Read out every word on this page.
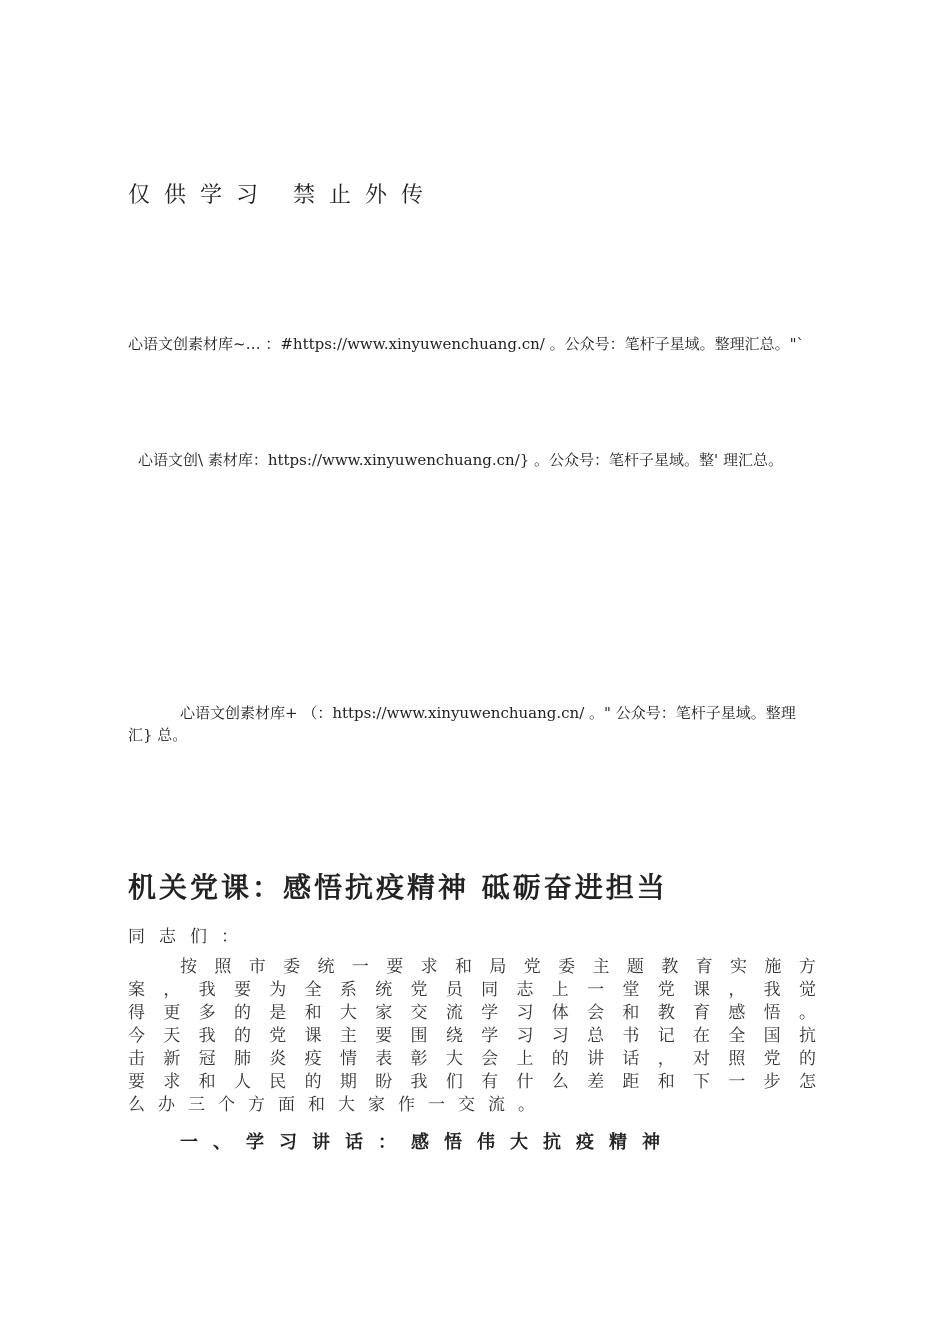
仅供学习 禁止外传
心语文创素材库~… ：#https://www.xinyuwenchuang.cn/ 。公众号：笔杆子星域。整理汇总。"`
心语文创\ 素材库：https://www.xinyuwenchuang.cn/} 。公众号：笔杆子星域。整' 理汇总。
心语文创素材库+ （：https://www.xinyuwenchuang.cn/ 。" 公众号：笔杆子星域。整理
汇} 总。
机关党课：感悟抗疫精神 砥砺奋进担当
同志们：
按 照 市 委 统 一 要 求 和 局 党 委 主 题 教 育 实 施 方
案 ， 我 要 为 全 系 统 党 员 同 志 上 一 堂 党 课 ， 我 觉
得 更 多 的 是 和 大 家 交 流 学 习 体 会 和 教 育 感 悟 。
今 天 我 的 党 课 主 要 围 绕 学 习 习 总 书 记 在 全 国 抗
击 新 冠 肺 炎 疫 情 表 彰 大 会 上 的 讲 话 ， 对 照 党 的
要 求 和 人 民 的 期 盼 我 们 有 什 么 差 距 和 下 一 步 怎
么 办 三 个 方 面 和 大 家 作 一 交 流 。
一、学习讲话：感悟伟大抗疫精神
